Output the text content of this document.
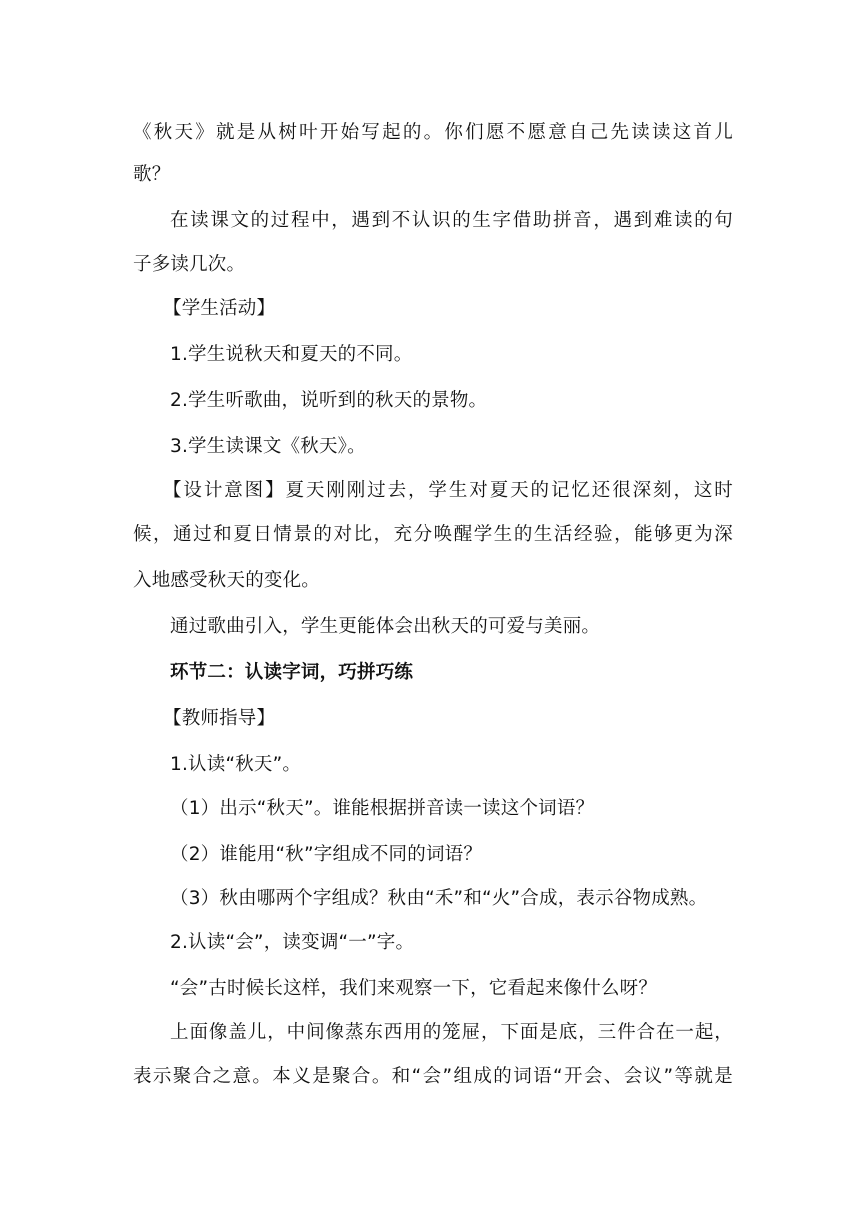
《秋天》就是从树叶开始写起的。你们愿不愿意自己先读读这首儿
歌？
在读课文的过程中，遇到不认识的生字借助拼音，遇到难读的句
子多读几次。
【学生活动】
1.学生说秋天和夏天的不同。
2.学生听歌曲，说听到的秋天的景物。
3.学生读课文《秋天》。
【设计意图】夏天刚刚过去，学生对夏天的记忆还很深刻，这时
候，通过和夏日情景的对比，充分唤醒学生的生活经验，能够更为深
入地感受秋天的变化。
通过歌曲引入，学生更能体会出秋天的可爱与美丽。
环节二：认读字词，巧拼巧练
【教师指导】
1.认读“秋天”。
（1）出示“秋天”。谁能根据拼音读一读这个词语？
（2）谁能用“秋”字组成不同的词语？
（3）秋由哪两个字组成？秋由“禾”和“火”合成，表示谷物成熟。
2.认读“会”，读变调“一”字。
“会”古时候长这样，我们来观察一下，它看起来像什么呀？
上面像盖儿，中间像蒸东西用的笼屉，下面是底，三件合在一起，
表示聚合之意。本义是聚合。和“会”组成的词语“开会、会议”等就是
